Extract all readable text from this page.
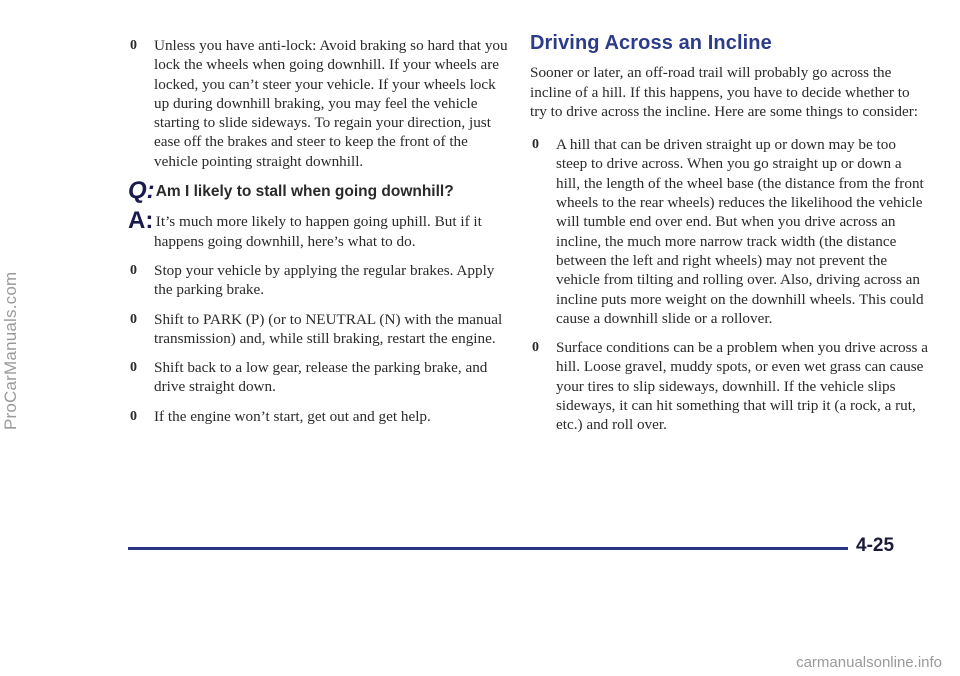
ProCarManuals.com
0 Unless you have anti-lock: Avoid braking so hard that you lock the wheels when going downhill. If your wheels are locked, you can’t steer your vehicle. If your wheels lock up during downhill braking, you may feel the vehicle starting to slide sideways. To regain your direction, just ease off the brakes and steer to keep the front of the vehicle pointing straight downhill.
Q: Am I likely to stall when going downhill?
A: It’s much more likely to happen going uphill. But if it happens going downhill, here’s what to do.
0 Stop your vehicle by applying the regular brakes. Apply the parking brake.
0 Shift to PARK (P) (or to NEUTRAL (N) with the manual transmission) and, while still braking, restart the engine.
0 Shift back to a low gear, release the parking brake, and drive straight down.
0 If the engine won’t start, get out and get help.
Driving Across an Incline
Sooner or later, an off-road trail will probably go across the incline of a hill. If this happens, you have to decide whether to try to drive across the incline. Here are some things to consider:
0 A hill that can be driven straight up or down may be too steep to drive across. When you go straight up or down a hill, the length of the wheel base (the distance from the front wheels to the rear wheels) reduces the likelihood the vehicle will tumble end over end. But when you drive across an incline, the much more narrow track width (the distance between the left and right wheels) may not prevent the vehicle from tilting and rolling over. Also, driving across an incline puts more weight on the downhill wheels. This could cause a downhill slide or a rollover.
0 Surface conditions can be a problem when you drive across a hill. Loose gravel, muddy spots, or even wet grass can cause your tires to slip sideways, downhill. If the vehicle slips sideways, it can hit something that will trip it (a rock, a rut, etc.) and roll over.
4-25
carmanualsonline.info
